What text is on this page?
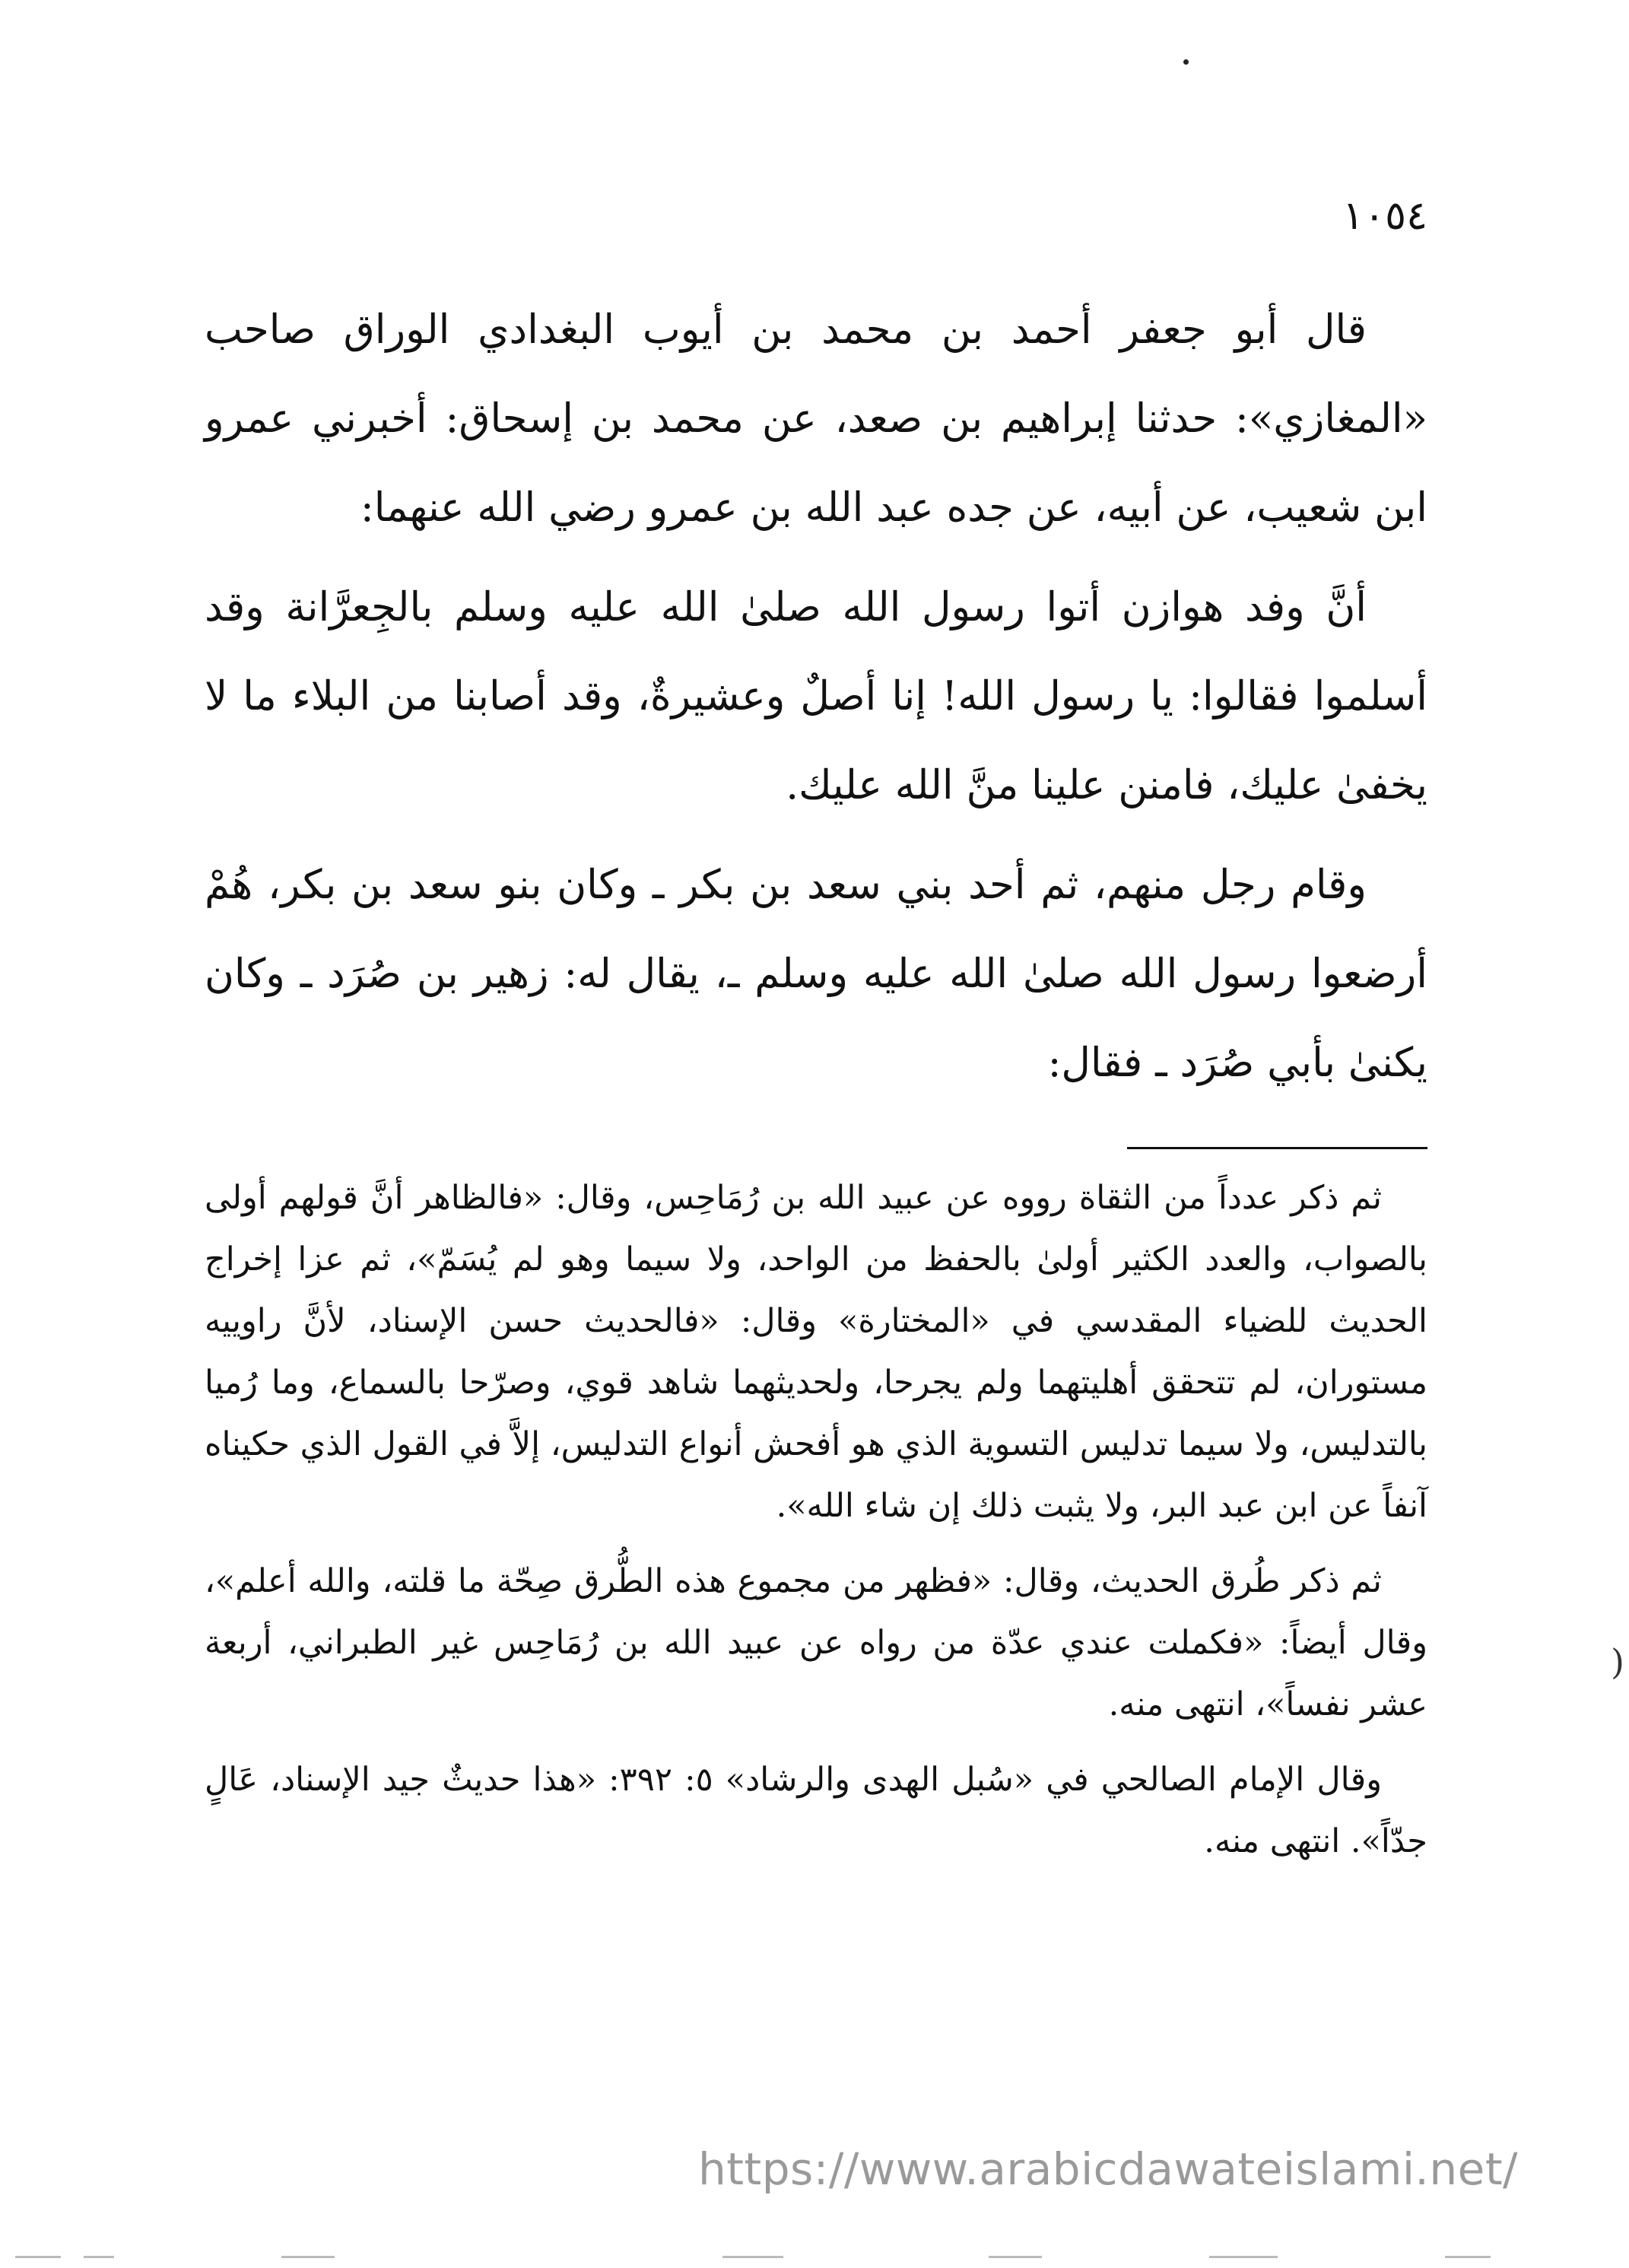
١٠٥٤

قال أبو جعفر أحمد بن محمد بن أيوب البغدادي الوراق صاحب «المغازي»: حدثنا إبراهيم بن صعد، عن محمد بن إسحاق: أخبرني عمرو ابن شعيب، عن أبيه، عن جده عبد الله بن عمرو رضي الله عنهما:

أنَّ وفد هوازن أتوا رسول الله صلىٰ الله عليه وسلم بالجِعرَّانة وقد أسلموا فقالوا: يا رسول الله! إنا أصلٌ وعشيرةٌ، وقد أصابنا من البلاء ما لا يخفىٰ عليك، فامنن علينا منَّ الله عليك.

وقام رجل منهم، ثم أحد بني سعد بن بكر ـ وكان بنو سعد بن بكر، هُمْ أرضعوا رسول الله صلىٰ الله عليه وسلم ـ، يقال له: زهير بن صُرَد ـ وكان يكنىٰ بأبي صُرَد ـ فقال:

ثم ذكر عدداً من الثقاة رووه عن عبيد الله بن رُمَاحِس، وقال: «فالظاهر أنَّ قولهم أولى بالصواب، والعدد الكثير أولىٰ بالحفظ من الواحد، ولا سيما وهو لم يُسَمّ»، ثم عزا إخراج الحديث للضياء المقدسي في «المختارة» وقال: «فالحديث حسن الإسناد، لأنَّ راوييه مستوران، لم تتحقق أهليتهما ولم يجرحا، ولحديثهما شاهد قوي، وصرّحا بالسماع، وما رُميا بالتدليس، ولا سيما تدليس التسوية الذي هو أفحش أنواع التدليس، إلاَّ في القول الذي حكيناه آنفاً عن ابن عبد البر، ولا يثبت ذلك إن شاء الله».

ثم ذكر طُرق الحديث، وقال: «فظهر من مجموع هذه الطُّرق صِحّة ما قلته، والله أعلم»، وقال أيضاً: «فكملت عندي عدّة من رواه عن عبيد الله بن رُمَاحِس غير الطبراني، أربعة عشر نفساً»، انتهى منه.

وقال الإمام الصالحي في «سُبل الهدى والرشاد» ٥: ٣٩٢: «هذا حديثٌ جيد الإسناد، عَالٍ جدّاً». انتهى منه.

(
https://www.arabicdawateislami.net/
